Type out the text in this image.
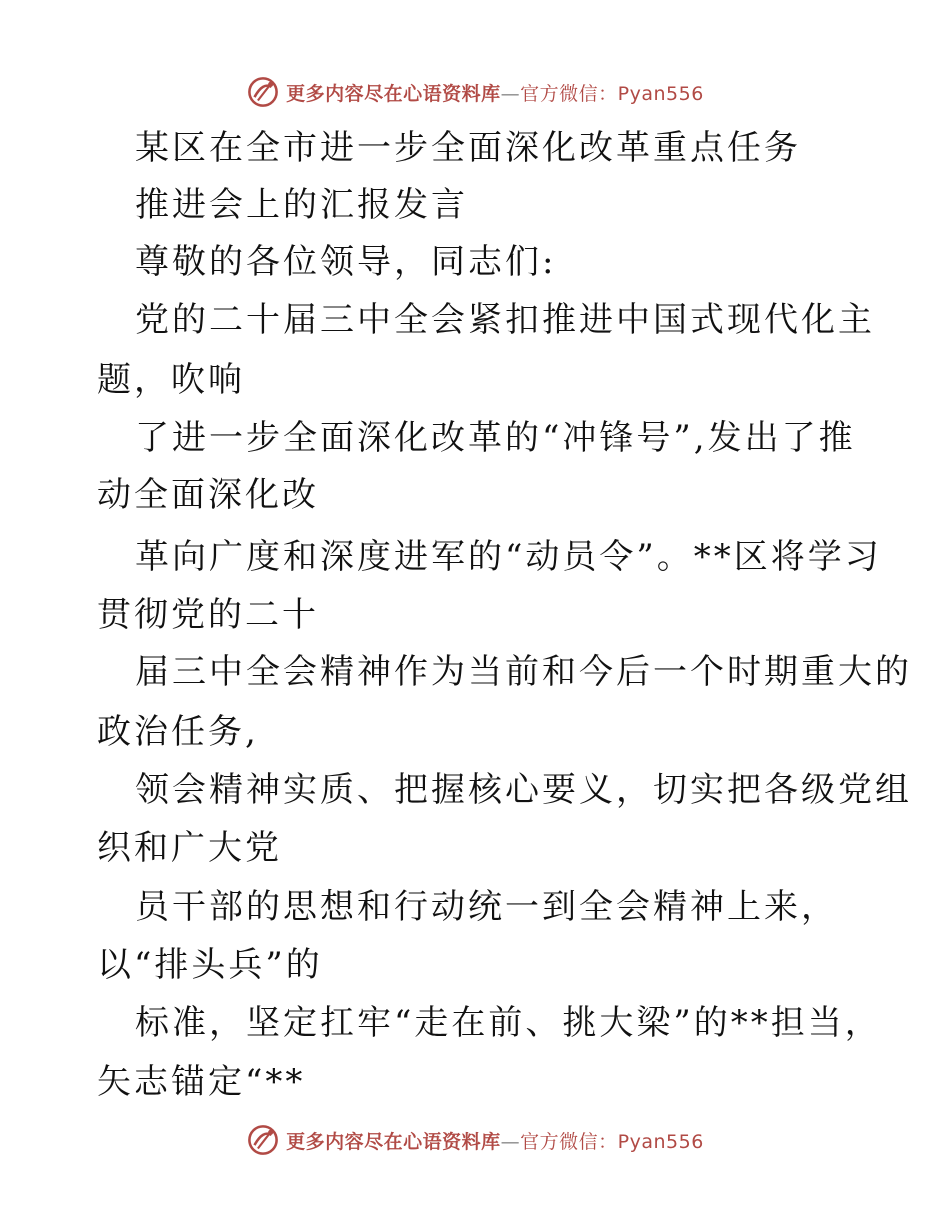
更多内容尽在心语资料库—官方微信：Pyan556
某区在全市进一步全面深化改革重点任务
推进会上的汇报发言
尊敬的各位领导，同志们:
党的二十届三中全会紧扣推进中国式现代化主
题，吹响
了进一步全面深化改革的“冲锋号”,发出了推
动全面深化改
革向广度和深度进军的“动员令”。**区将学习
贯彻党的二十
届三中全会精神作为当前和今后一个时期重大的
政治任务,
领会精神实质、把握核心要义，切实把各级党组
织和广大党
员干部的思想和行动统一到全会精神上来，
以“排头兵”的
标准，坚定扛牢“走在前、挑大梁”的**担当，
矢志锚定“**
更多内容尽在心语资料库—官方微信：Pyan556
